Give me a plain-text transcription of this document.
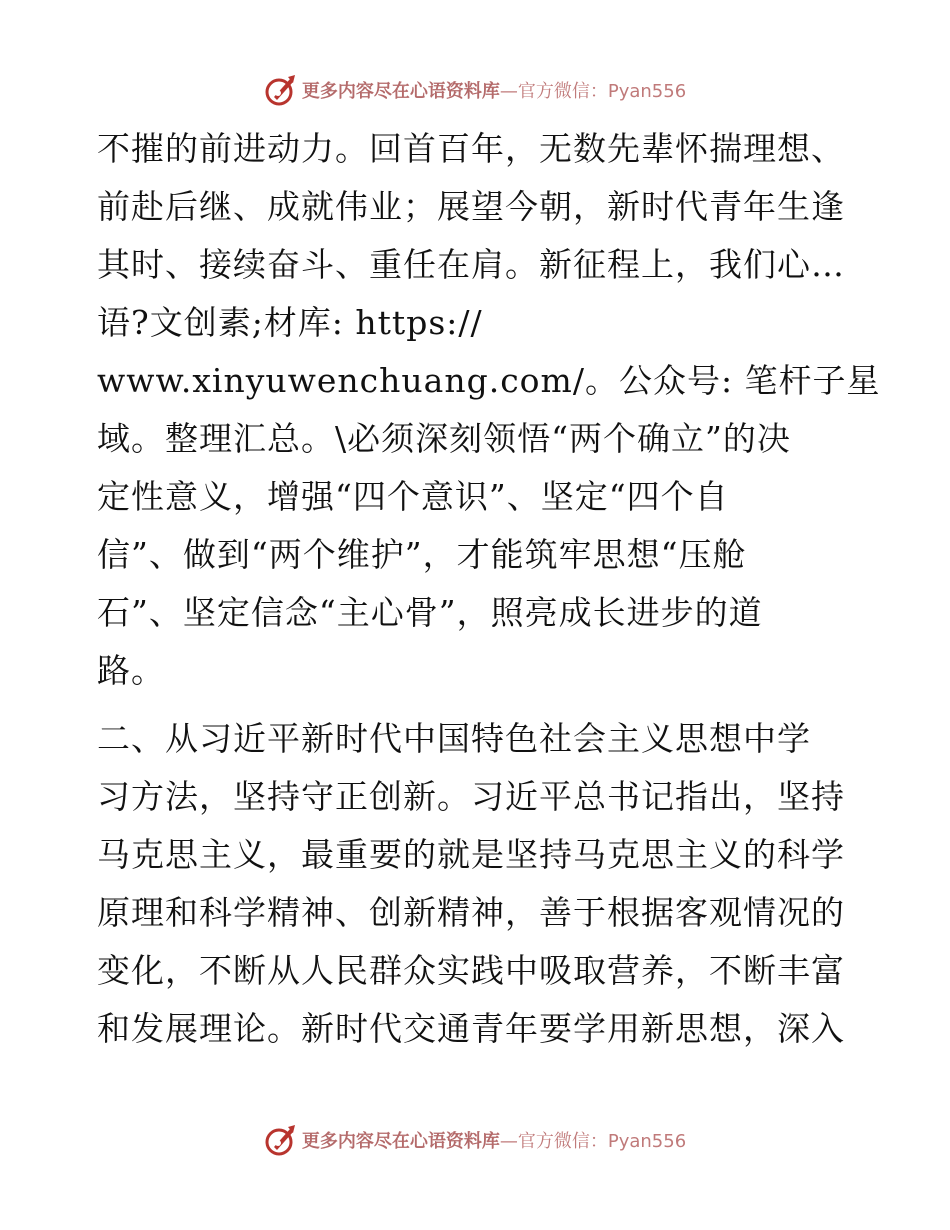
更多内容尽在心语资料库 —官方微信：Pyan556
不摧的前进动力。回首百年，无数先辈怀揣理想、
前赴后继、成就伟业；展望今朝，新时代青年生逢
其时、接续奋斗、重任在肩。新征程上，我们心…
语?文创素;材库: https://
www.xinyuwenchuang.com/。公众号: 笔杆子星
域。整理汇总。\必须深刻领悟“两个确立”的决
定性意义，增强“四个意识”、坚定“四个自
信”、做到“两个维护”，才能筑牢思想“压舱
石”、坚定信念“主心骨”，照亮成长进步的道
路。
二、从习近平新时代中国特色社会主义思想中学
习方法，坚持守正创新。习近平总书记指出，坚持
马克思主义，最重要的就是坚持马克思主义的科学
原理和科学精神、创新精神，善于根据客观情况的
变化，不断从人民群众实践中吸取营养，不断丰富
和发展理论。新时代交通青年要学用新思想，深入
更多内容尽在心语资料库 —官方微信：Pyan556
